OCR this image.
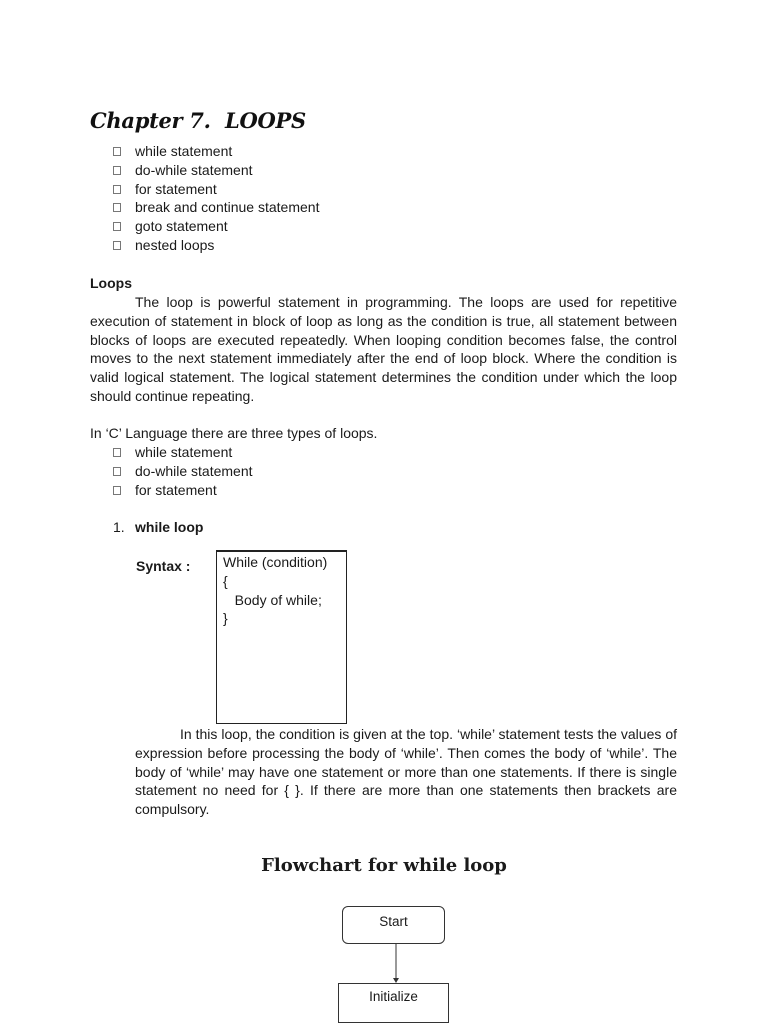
Chapter 7. LOOPS
while statement
do-while statement
for statement
break and continue statement
goto statement
nested loops
Loops

The loop is powerful statement in programming. The loops are used for repetitive execution of statement in block of loop as long as the condition is true, all statement between blocks of loops are executed repeatedly. When looping condition becomes false, the control moves to the next statement immediately after the end of loop block. Where the condition is valid logical statement. The logical statement determines the condition under which the loop should continue repeating.

In ‘C’ Language there are three types of loops.
while statement
do-while statement
for statement
1. while loop
Syntax :	While (condition)
{
Body of while;
}

In this loop, the condition is given at the top. ‘while’ statement tests the values of expression before processing the body of ‘while’. Then comes the body of ‘while’. The body of ‘while’ may have one statement or more than one statements. If there is single statement no need for { }. If there are more than one statements then brackets are compulsory.

Flowchart for while loop
Start
Initialize
